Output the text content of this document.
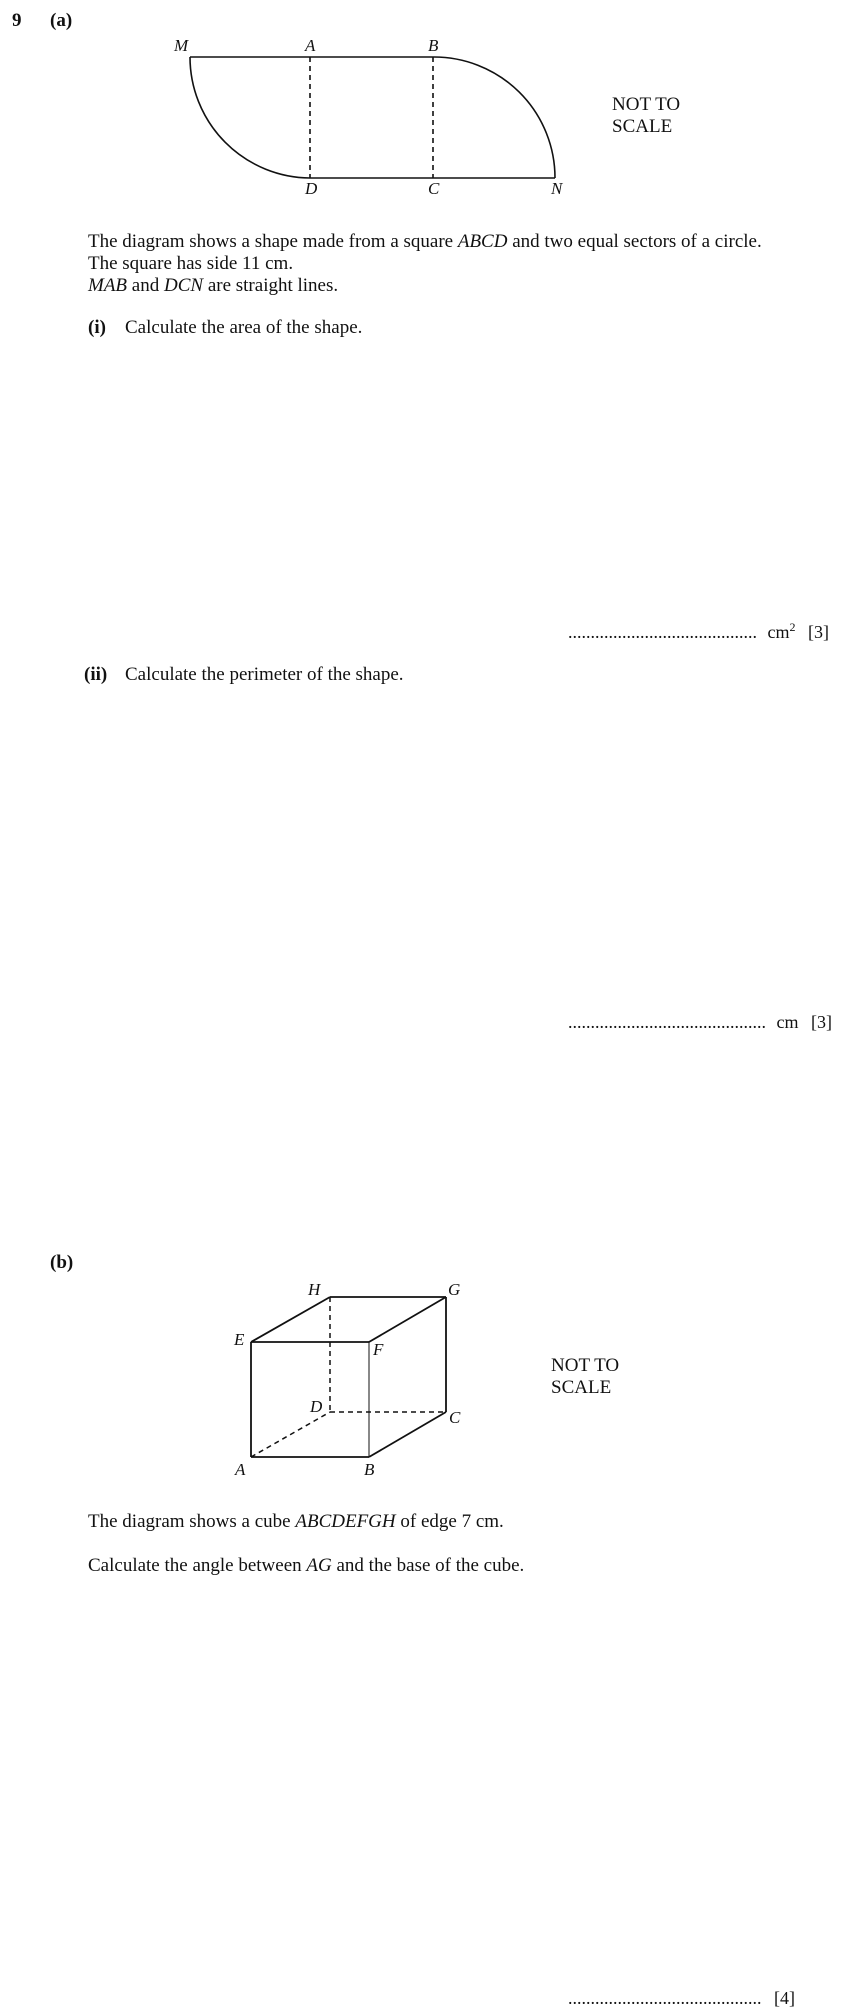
9 (a)
M	A	B
D	C	N
NOT TO
SCALE
The diagram shows a shape made from a square ABCD and two equal sectors of a circle.
The square has side 11 cm.
MAB and DCN are straight lines.
(i) Calculate the area of the shape.
.......................................... $cm^2$ [3]
(ii) Calculate the perimeter of the shape.
............................................ cm [3]
(b)
H	G
E
F
D
C
A	B
NOT TO
SCALE
The diagram shows a cube ABCDEFGH of edge 7 cm.
Calculate the angle between AG and the base of the cube.
........................................... [4]
